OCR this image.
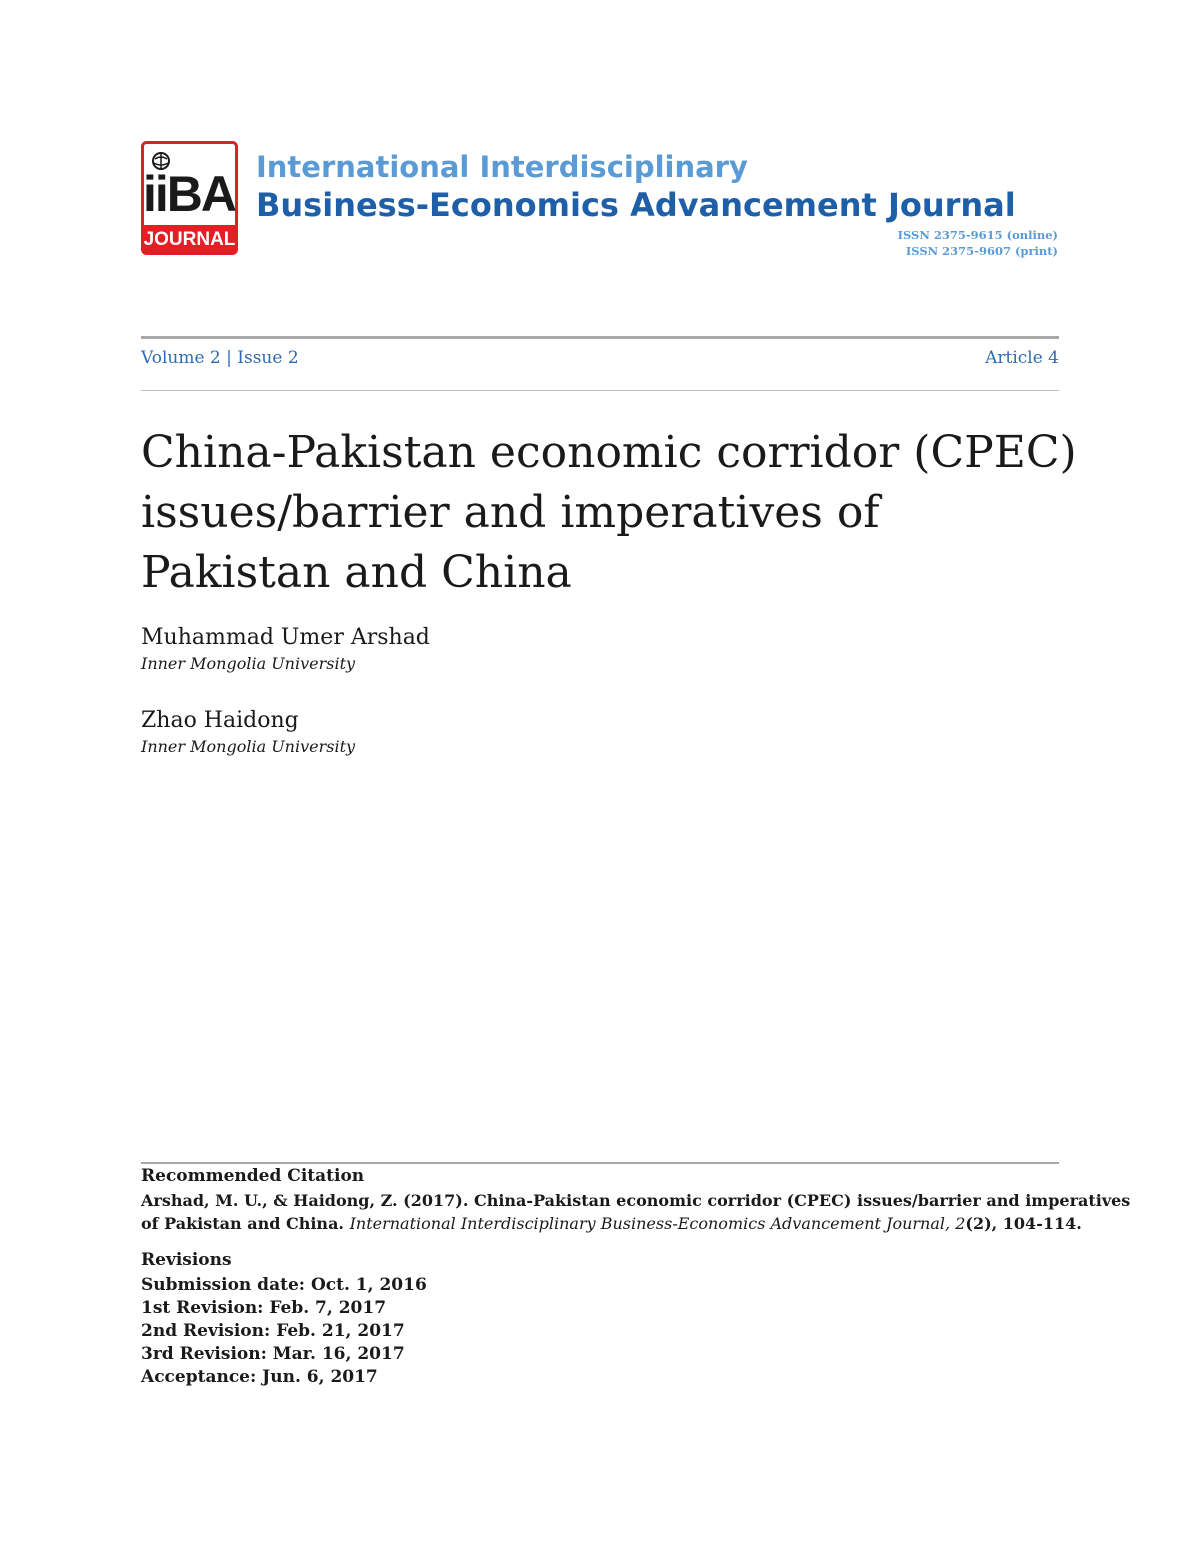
iiBA
JOURNAL
International Interdisciplinary
Business-Economics Advancement Journal
ISSN 2375-9615 (online)
ISSN 2375-9607 (print)
Volume 2 | Issue 2	Article 4
China-Pakistan economic corridor (CPEC)
issues/barrier and imperatives of
Pakistan and China
Muhammad Umer Arshad
Inner Mongolia University
Zhao Haidong
Inner Mongolia University
Recommended Citation

Arshad, M. U., & Haidong, Z. (2017). China-Pakistan economic corridor (CPEC) issues/barrier and imperatives
of Pakistan and China. International Interdisciplinary Business-Economics Advancement Journal, 2(2), 104-114.

Revisions
Submission date: Oct. 1, 2016
1st Revision: Feb. 7, 2017
2nd Revision: Feb. 21, 2017
3rd Revision: Mar. 16, 2017
Acceptance: Jun. 6, 2017
